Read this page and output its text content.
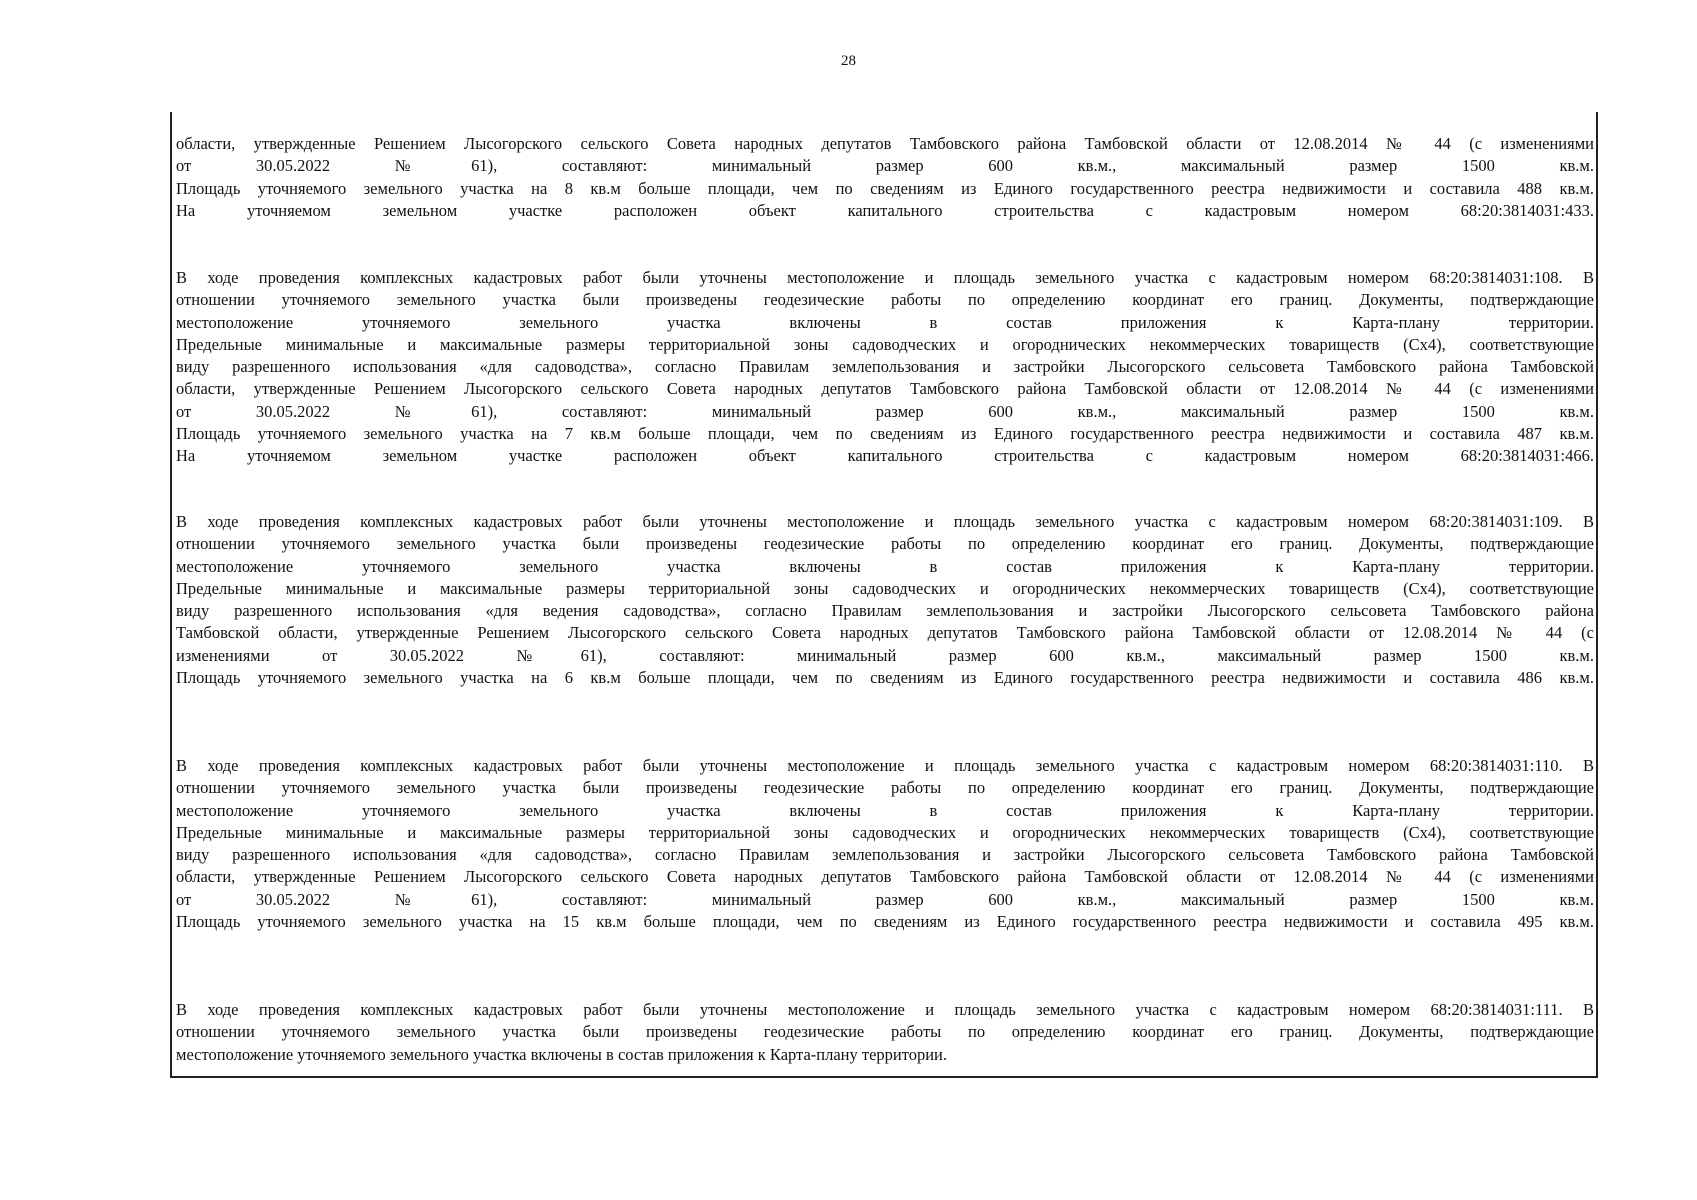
28
области, утвержденные Решением Лысогорского сельского Совета народных депутатов Тамбовского района Тамбовской области от 12.08.2014 № 44 (с изменениями
от 30.05.2022 №61), составляют: минимальный размер 600 кв.м., максимальный размер 1500 кв.м.
Площадь уточняемого земельного участка на 8 кв.м больше площади, чем по сведениям из Единого государственного реестра недвижимости и составила 488 кв.м.
На уточняемом земельном участке расположен объект капитального строительства с кадастровым номером 68:20:3814031:433.
В ходе проведения комплексных кадастровых работ были уточнены местоположение и площадь земельного участка с кадастровым номером 68:20:3814031:108. В
отношении уточняемого земельного участка были произведены геодезические работы по определению координат его границ. Документы, подтверждающие
местоположение уточняемого земельного участка включены в состав приложения к Карта-плану территории.
Предельные минимальные и максимальные размеры территориальной зоны садоводческих и огороднических некоммерческих товариществ (Сх4), соответствующие
виду разрешенного использования «для садоводства», согласно Правилам землепользования и застройки Лысогорского сельсовета Тамбовского района Тамбовской
области, утвержденные Решением Лысогорского сельского Совета народных депутатов Тамбовского района Тамбовской области от 12.08.2014 № 44 (с изменениями
от 30.05.2022 №61), составляют: минимальный размер 600 кв.м., максимальный размер 1500 кв.м.
Площадь уточняемого земельного участка на 7 кв.м больше площади, чем по сведениям из Единого государственного реестра недвижимости и составила 487 кв.м.
На уточняемом земельном участке расположен объект капитального строительства с кадастровым номером 68:20:3814031:466.
В ходе проведения комплексных кадастровых работ были уточнены местоположение и площадь земельного участка с кадастровым номером 68:20:3814031:109. В
отношении уточняемого земельного участка были произведены геодезические работы по определению координат его границ. Документы, подтверждающие
местоположение уточняемого земельного участка включены в состав приложения к Карта-плану территории.
Предельные минимальные и максимальные размеры территориальной зоны садоводческих и огороднических некоммерческих товариществ (Сх4), соответствующие
виду разрешенного использования «для ведения садоводства», согласно Правилам землепользования и застройки Лысогорского сельсовета Тамбовского района
Тамбовской области, утвержденные Решением Лысогорского сельского Совета народных депутатов Тамбовского района Тамбовской области от 12.08.2014 № 44 (с
изменениями от 30.05.2022 №61), составляют: минимальный размер 600 кв.м., максимальный размер 1500 кв.м.
Площадь уточняемого земельного участка на 6 кв.м больше площади, чем по сведениям из Единого государственного реестра недвижимости и составила 486 кв.м.
В ходе проведения комплексных кадастровых работ были уточнены местоположение и площадь земельного участка с кадастровым номером 68:20:3814031:110. В
отношении уточняемого земельного участка были произведены геодезические работы по определению координат его границ. Документы, подтверждающие
местоположение уточняемого земельного участка включены в состав приложения к Карта-плану территории.
Предельные минимальные и максимальные размеры территориальной зоны садоводческих и огороднических некоммерческих товариществ (Сх4), соответствующие
виду разрешенного использования «для садоводства», согласно Правилам землепользования и застройки Лысогорского сельсовета Тамбовского района Тамбовской
области, утвержденные Решением Лысогорского сельского Совета народных депутатов Тамбовского района Тамбовской области от 12.08.2014 № 44 (с изменениями
от 30.05.2022 №61), составляют: минимальный размер 600 кв.м., максимальный размер 1500 кв.м.
Площадь уточняемого земельного участка на 15 кв.м больше площади, чем по сведениям из Единого государственного реестра недвижимости и составила 495 кв.м.
В ходе проведения комплексных кадастровых работ были уточнены местоположение и площадь земельного участка с кадастровым номером 68:20:3814031:111. В
отношении уточняемого земельного участка были произведены геодезические работы по определению координат его границ. Документы, подтверждающие
местоположение уточняемого земельного участка включены в состав приложения к Карта-плану территории.
